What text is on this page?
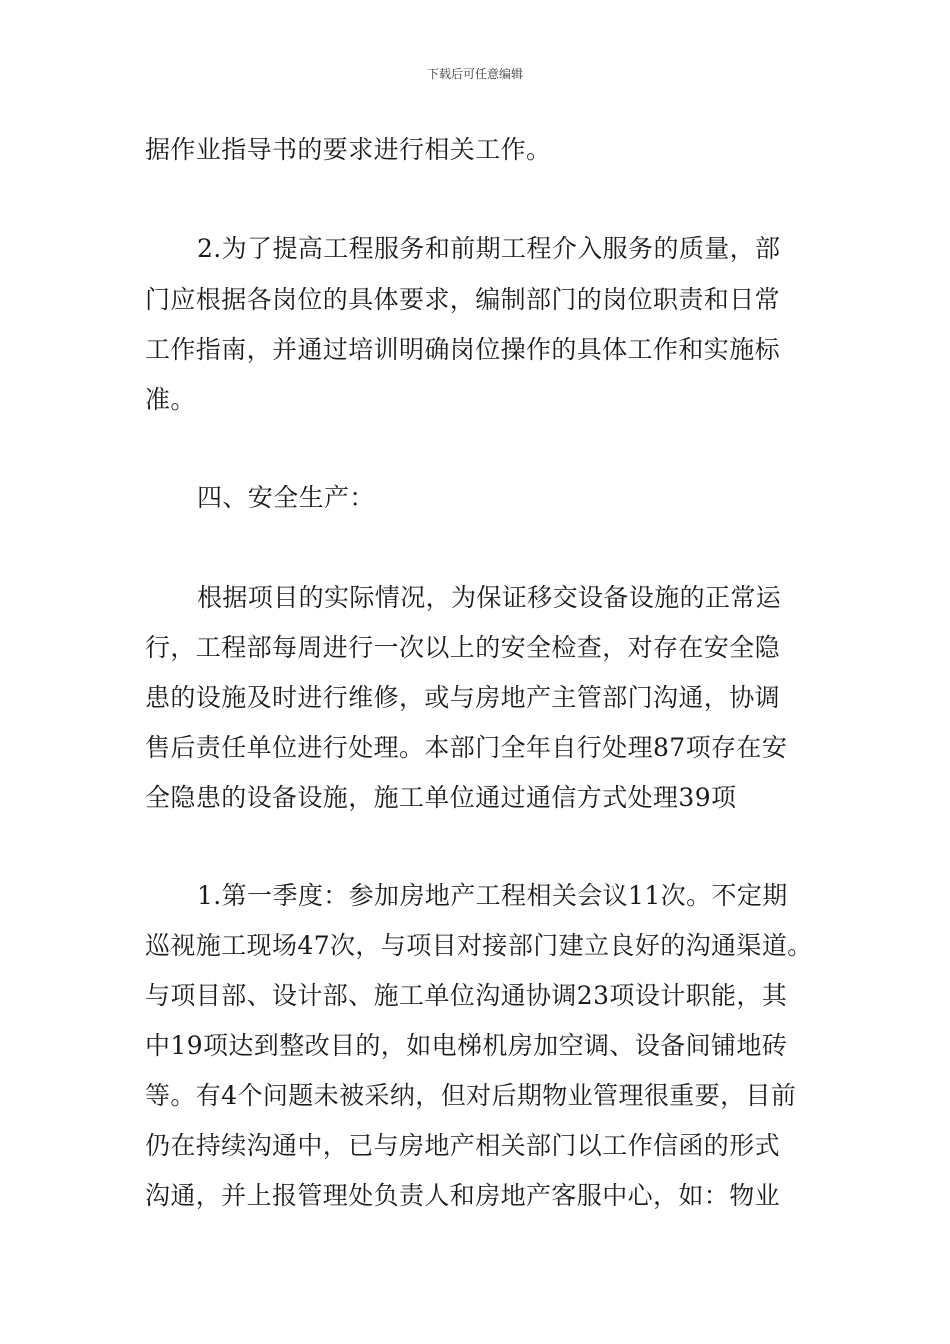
下载后可任意编辑
据作业指导书的要求进行相关工作。
2.为了提高工程服务和前期工程介入服务的质量，部
门应根据各岗位的具体要求，编制部门的岗位职责和日常
工作指南，并通过培训明确岗位操作的具体工作和实施标
准。
四、安全生产：
根据项目的实际情况，为保证移交设备设施的正常运
行，工程部每周进行一次以上的安全检查，对存在安全隐
患的设施及时进行维修，或与房地产主管部门沟通，协调
售后责任单位进行处理。本部门全年自行处理87项存在安
全隐患的设备设施，施工单位通过通信方式处理39项
1.第一季度：参加房地产工程相关会议11次。不定期
巡视施工现场47次，与项目对接部门建立良好的沟通渠道。
与项目部、设计部、施工单位沟通协调23项设计职能，其
中19项达到整改目的，如电梯机房加空调、设备间铺地砖
等。有4个问题未被采纳，但对后期物业管理很重要，目前
仍在持续沟通中，已与房地产相关部门以工作信函的形式
沟通，并上报管理处负责人和房地产客服中心，如：物业
